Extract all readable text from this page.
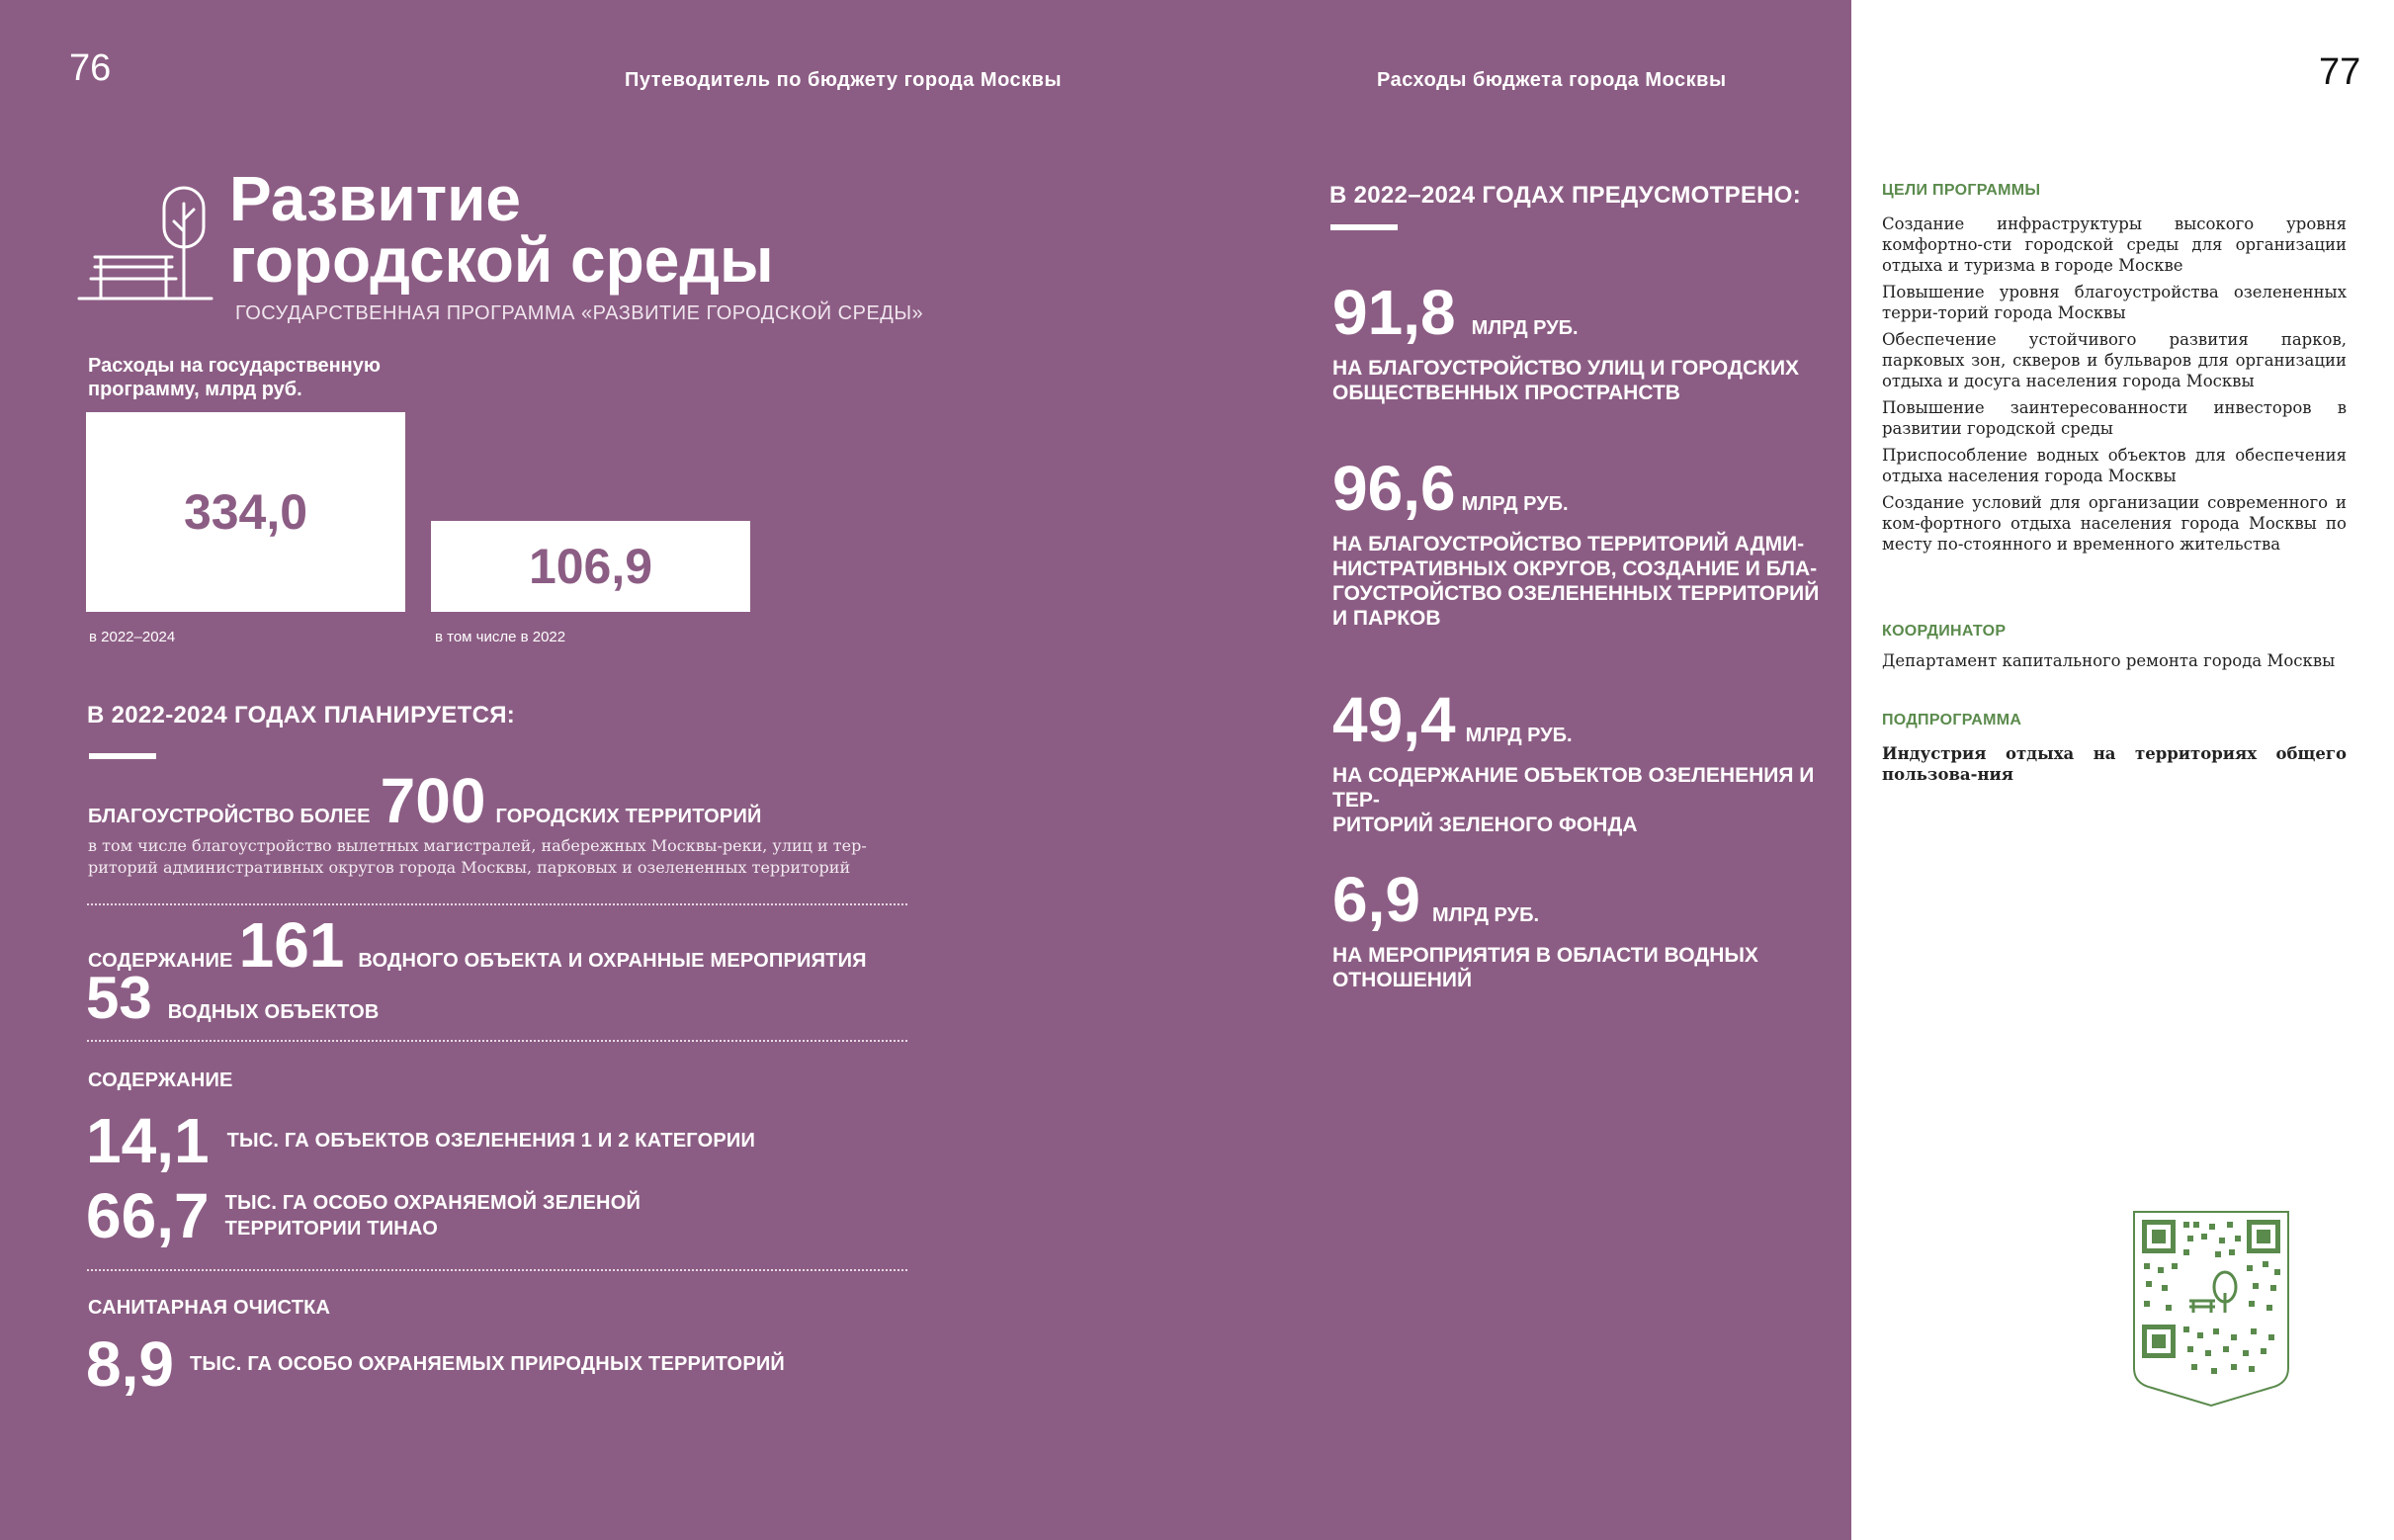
76	Путеводитель по бюджету города Москвы	Расходы бюджета города Москвы	77
Развитие
городской среды
ГОСУДАРСТВЕННАЯ ПРОГРАММА «РАЗВИТИЕ ГОРОДСКОЙ СРЕДЫ»
Расходы на государственную
программу, млрд руб.
334,0
106,9
в 2022–2024	в том числе в 2022
В 2022-2024 ГОДАХ ПЛАНИРУЕТСЯ:
БЛАГОУСТРОЙСТВО БОЛЕЕ 700 ГОРОДСКИХ ТЕРРИТОРИЙ
в том числе благоустройство вылетных магистралей, набережных Москвы-реки, улиц и тер-
риторий административных округов города Москвы, парковых и озелененных территорий
СОДЕРЖАНИЕ 161 ВОДНОГО ОБЪЕКТА И ОХРАННЫЕ МЕРОПРИЯТИЯ
53 ВОДНЫХ ОБЪЕКТОВ
СОДЕРЖАНИЕ
14,1 ТЫС. ГА ОБЪЕКТОВ ОЗЕЛЕНЕНИЯ 1 И 2 КАТЕГОРИИ
66,7 ТЫС. ГА ОСОБО ОХРАНЯЕМОЙ ЗЕЛЕНОЙ
ТЕРРИТОРИИ ТИНАО
САНИТАРНАЯ ОЧИСТКА
8,9 ТЫС. ГА ОСОБО ОХРАНЯЕМЫХ ПРИРОДНЫХ ТЕРРИТОРИЙ
В 2022–2024 ГОДАХ ПРЕДУСМОТРЕНО:
91,8 МЛРД РУБ.
НА БЛАГОУСТРОЙСТВО УЛИЦ И ГОРОДСКИХ
ОБЩЕСТВЕННЫХ ПРОСТРАНСТВ
96,6 МЛРД РУБ.
НА БЛАГОУСТРОЙСТВО ТЕРРИТОРИЙ АДМИ-
НИСТРАТИВНЫХ ОКРУГОВ, СОЗДАНИЕ И БЛА-
ГОУСТРОЙСТВО ОЗЕЛЕНЕННЫХ ТЕРРИТОРИЙ
И ПАРКОВ
49,4 МЛРД РУБ.
НА СОДЕРЖАНИЕ ОБЪЕКТОВ ОЗЕЛЕНЕНИЯ И ТЕР-
РИТОРИЙ ЗЕЛЕНОГО ФОНДА
6,9 МЛРД РУБ.
НА МЕРОПРИЯТИЯ В ОБЛАСТИ ВОДНЫХ
ОТНОШЕНИЙ
ЦЕЛИ ПРОГРАММЫ
Создание инфраструктуры высокого уровня комфортно-сти городской среды для организации отдыха и туризма в городе Москве
Повышение уровня благоустройства озелененных терри-торий города Москвы
Обеспечение устойчивого развития парков, парковых зон, скверов и бульваров для организации отдыха и досуга населения города Москвы
Повышение заинтересованности инвесторов в развитии городской среды
Приспособление водных объектов для обеспечения отдыха населения города Москвы
Создание условий для организации современного и ком-фортного отдыха населения города Москвы по месту по-стоянного и временного жительства
КООРДИНАТОР
Департамент капитального ремонта города Москвы
ПОДПРОГРАММА
Индустрия отдыха на территориях общего пользова-ния
